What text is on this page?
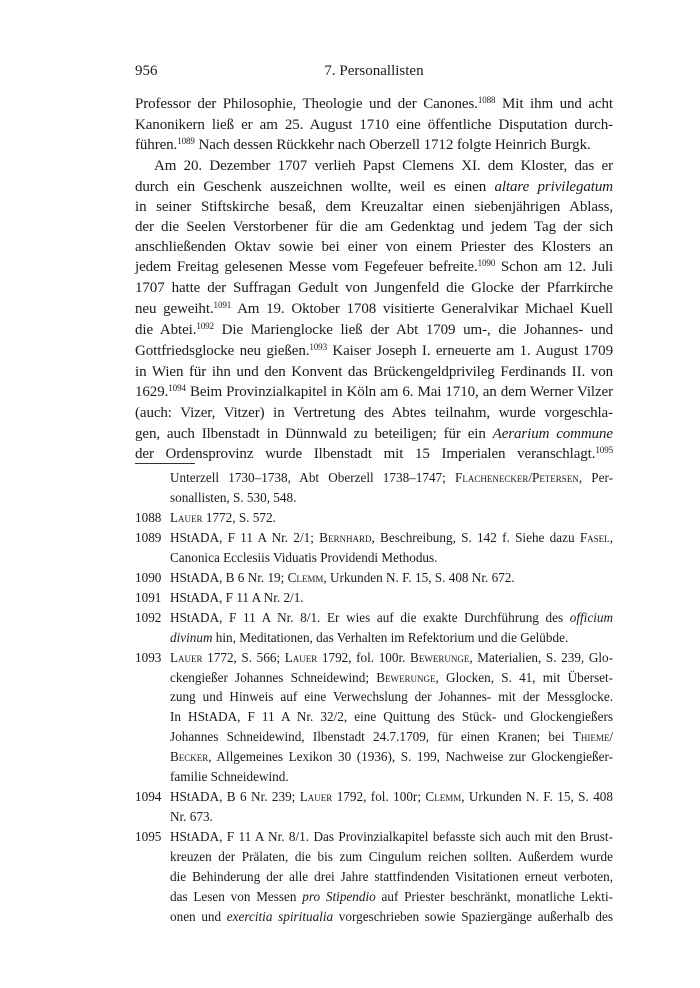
956	7. Personallisten
Professor der Philosophie, Theologie und der Canones.$^{1088}$ Mit ihm und acht
Kanonikern ließ er am 25. August 1710 eine öffentliche Disputation durch-
führen.$^{1089}$ Nach dessen Rückkehr nach Oberzell 1712 folgte Heinrich Burgk.
Am 20. Dezember 1707 verlieh Papst Clemens XI. dem Kloster, das er
durch ein Geschenk auszeichnen wollte, weil es einen altare privilegatum
in seiner Stiftskirche besaß, dem Kreuzaltar einen siebenjährigen Ablass,
der die Seelen Verstorbener für die am Gedenktag und jedem Tag der sich
anschließenden Oktav sowie bei einer von einem Priester des Klosters an
jedem Freitag gelesenen Messe vom Fegefeuer befreite.$^{1090}$ Schon am 12. Juli
1707 hatte der Suffragan Gedult von Jungenfeld die Glocke der Pfarrkirche
neu geweiht.$^{1091}$ Am 19. Oktober 1708 visitierte Generalvikar Michael Kuell
die Abtei.$^{1092}$ Die Marienglocke ließ der Abt 1709 um-, die Johannes- und
Gottfriedsglocke neu gießen.$^{1093}$ Kaiser Joseph I. erneuerte am 1. August 1709
in Wien für ihn und den Konvent das Brückengeldprivileg Ferdinands II. von
1629.$^{1094}$ Beim Provinzialkapitel in Köln am 6. Mai 1710, an dem Werner Vilzer
(auch: Vizer, Vitzer) in Vertretung des Abtes teilnahm, wurde vorgeschla-
gen, auch Ilbenstadt in Dünnwald zu beteiligen; für ein Aerarium commune
der Ordensprovinz wurde Ilbenstadt mit 15 Imperialen veranschlagt.$^{1095}$
Unterzell 1730–1738, Abt Oberzell 1738–1747; Flachenecker/Petersen, Per-
sonallisten, S. 530, 548.
1088 Lauer 1772, S. 572.
1089 HStADA, F 11 A Nr. 2/1; Bernhard, Beschreibung, S. 142 f. Siehe dazu Fasel,
Canonica Ecclesiis Viduatis Providendi Methodus.
1090 HStADA, B 6 Nr. 19; Clemm, Urkunden N. F. 15, S. 408 Nr. 672.
1091 HStADA, F 11 A Nr. 2/1.
1092 HStADA, F 11 A Nr. 8/1. Er wies auf die exakte Durchführung des officium
divinum hin, Meditationen, das Verhalten im Refektorium und die Gelübde.
1093 Lauer 1772, S. 566; Lauer 1792, fol. 100r. Bewerunge, Materialien, S. 239, Glo-
ckengießer Johannes Schneidewind; Bewerunge, Glocken, S. 41, mit Überset-
zung und Hinweis auf eine Verwechslung der Johannes- mit der Messglocke.
In HStADA, F 11 A Nr. 32/2, eine Quittung des Stück- und Glockengießers
Johannes Schneidewind, Ilbenstadt 24.7.1709, für einen Kranen; bei Thieme/
Becker, Allgemeines Lexikon 30 (1936), S. 199, Nachweise zur Glockengießer-
familie Schneidewind.
1094 HStADA, B 6 Nr. 239; Lauer 1792, fol. 100r; Clemm, Urkunden N. F. 15, S. 408
Nr. 673.
1095 HStADA, F 11 A Nr. 8/1. Das Provinzialkapitel befasste sich auch mit den Brust-
kreuzen der Prälaten, die bis zum Cingulum reichen sollten. Außerdem wurde
die Behinderung der alle drei Jahre stattfindenden Visitationen erneut verboten,
das Lesen von Messen pro Stipendio auf Priester beschränkt, monatliche Lekti-
onen und exercitia spiritualia vorgeschrieben sowie Spaziergänge außerhalb des
